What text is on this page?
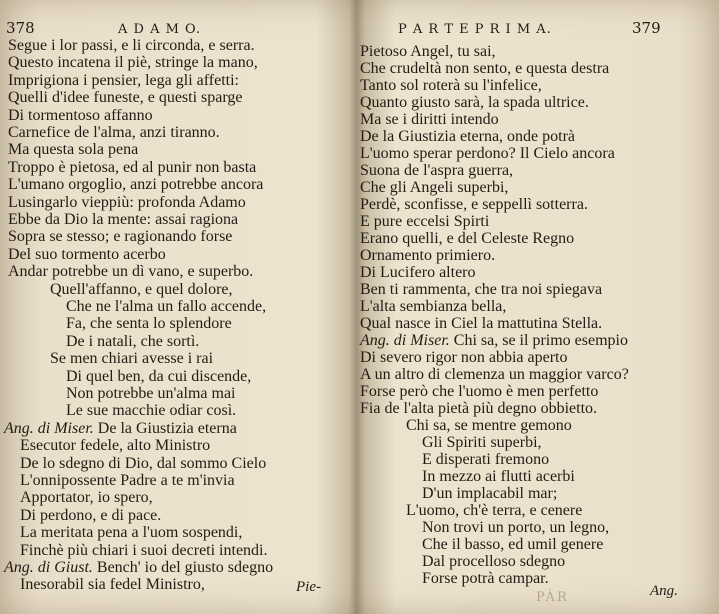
378	A D A M O.
Segue i lor passi, e li circonda, e serra.
Questo incatena il piè, stringe la mano,
Imprigiona i pensier, lega gli affetti:
Quelli d'idee funeste, e questi sparge
Di tormentoso affanno
Carnefice de l'alma, anzi tiranno.
Ma questa sola pena
Troppo è pietosa, ed al punir non basta
L'umano orgoglio, anzi potrebbe ancora
Lusingarlo vieppiù: profonda Adamo
Ebbe da Dio la mente: assai ragiona
Sopra se stesso; e ragionando forse
Del suo tormento acerbo
Andar potrebbe un dì vano, e superbo.
Quell'affanno, e quel dolore,
Che ne l'alma un fallo accende,
Fa, che senta lo splendore
De i natali, che sortì.
Se men chiari avesse i rai
Di quel ben, da cui discende,
Non potrebbe un'alma mai
Le sue macchie odiar così.
Ang. di Miser. De la Giustizia eterna
Esecutor fedele, alto Ministro
De lo sdegno di Dio, dal sommo Cielo
L'onnipossente Padre a te m'invia
Apportator, io spero,
Di perdono, e di pace.
La meritata pena a l'uom sospendi,
Finchè più chiari i suoi decreti intendi.
Ang. di Giust. Bench' io del giusto sdegno
Inesorabil sia fedel Ministro,	Pie-
P A R T E P R I M A.	379
Pietoso Angel, tu sai,
Che crudeltà non sento, e questa destra
Tanto sol roterà su l'infelice,
Quanto giusto sarà, la spada ultrice.
Ma se i diritti intendo
De la Giustizia eterna, onde potrà
L'uomo sperar perdono? Il Cielo ancora
Suona de l'aspra guerra,
Che gli Angeli superbi,
Perdè, sconfisse, e seppellì sotterra.
E pure eccelsi Spirti
Erano quelli, e del Celeste Regno
Ornamento primiero.
Di Lucifero altero
Ben ti rammenta, che tra noi spiegava
L'alta sembianza bella,
Qual nasce in Ciel la mattutina Stella.
Ang. di Miser. Chi sa, se il primo esempio
Di severo rigor non abbia aperto
A un altro di clemenza un maggior varco?
Forse però che l'uomo è men perfetto
Fia de l'alta pietà più degno obbietto.
Chi sa, se mentre gemono
Gli Spiriti superbi,
E disperati fremono
In mezzo ai flutti acerbi
D'un implacabil mar;
L'uomo, ch'è terra, e cenere
Non trovi un porto, un legno,
Che il basso, ed umil genere
Dal procelloso sdegno
Forse potrà campar.
Ang.
PÀR
